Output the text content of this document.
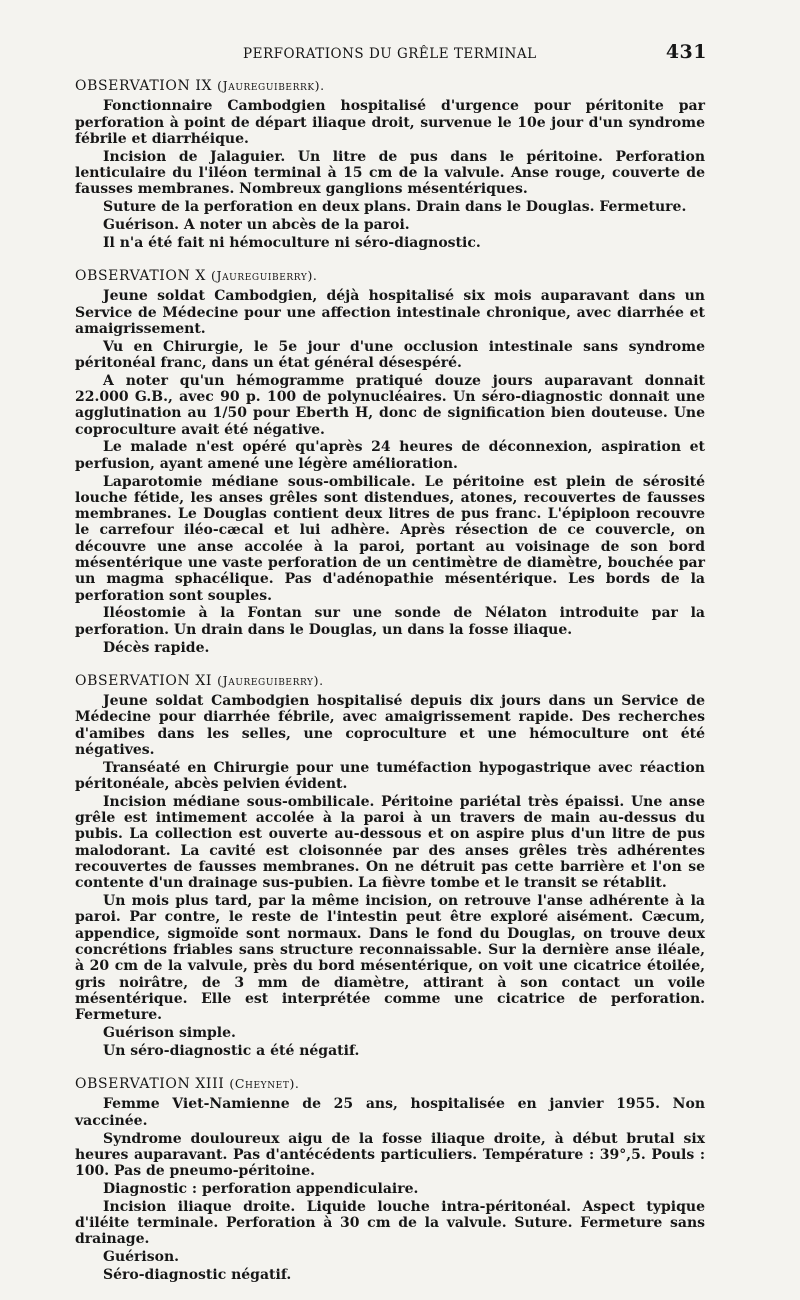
PERFORATIONS DU GRÊLE TERMINAL	431
OBSERVATION IX (Jaureguiberrk).

Fonctionnaire Cambodgien hospitalisé d'urgence pour péritonite par perforation à point de départ iliaque droit, survenue le 10e jour d'un syndrome fébrile et diarrhéique.

Incision de Jalaguier. Un litre de pus dans le péritoine. Perforation lenticulaire du l'iléon terminal à 15 cm de la valvule. Anse rouge, couverte de fausses membranes. Nombreux ganglions mésentériques.

Suture de la perforation en deux plans. Drain dans le Douglas. Fermeture.

Guérison. A noter un abcès de la paroi.

Il n'a été fait ni hémoculture ni séro-diagnostic.

OBSERVATION X (Jaureguiberry).

Jeune soldat Cambodgien, déjà hospitalisé six mois auparavant dans un Service de Médecine pour une affection intestinale chronique, avec diarrhée et amaigrissement.

Vu en Chirurgie, le 5e jour d'une occlusion intestinale sans syndrome péritonéal franc, dans un état général désespéré.

A noter qu'un hémogramme pratiqué douze jours auparavant donnait 22.000 G.B., avec 90 p. 100 de polynucléaires. Un séro-diagnostic donnait une agglutination au 1/50 pour Eberth H, donc de signification bien douteuse. Une coproculture avait été négative.

Le malade n'est opéré qu'après 24 heures de déconnexion, aspiration et perfusion, ayant amené une légère amélioration.

Laparotomie médiane sous-ombilicale. Le péritoine est plein de sérosité louche fétide, les anses grêles sont distendues, atones, recouvertes de fausses membranes. Le Douglas contient deux litres de pus franc. L'épiploon recouvre le carrefour iléo-cæcal et lui adhère. Après résection de ce couvercle, on découvre une anse accolée à la paroi, portant au voisinage de son bord mésentérique une vaste perforation de un centimètre de diamètre, bouchée par un magma sphacélique. Pas d'adénopathie mésentérique. Les bords de la perforation sont souples.

Iléostomie à la Fontan sur une sonde de Nélaton introduite par la perforation. Un drain dans le Douglas, un dans la fosse iliaque.

Décès rapide.

OBSERVATION XI (Jaureguiberry).

Jeune soldat Cambodgien hospitalisé depuis dix jours dans un Service de Médecine pour diarrhée fébrile, avec amaigrissement rapide. Des recherches d'amibes dans les selles, une coproculture et une hémoculture ont été négatives.

Transéaté en Chirurgie pour une tuméfaction hypogastrique avec réaction péritonéale, abcès pelvien évident.

Incision médiane sous-ombilicale. Péritoine pariétal très épaissi. Une anse grêle est intimement accolée à la paroi à un travers de main au-dessus du pubis. La collection est ouverte au-dessous et on aspire plus d'un litre de pus malodorant. La cavité est cloisonnée par des anses grêles très adhérentes recouvertes de fausses membranes. On ne détruit pas cette barrière et l'on se contente d'un drainage sus-pubien. La fièvre tombe et le transit se rétablit.

Un mois plus tard, par la même incision, on retrouve l'anse adhérente à la paroi. Par contre, le reste de l'intestin peut être exploré aisément. Cæcum, appendice, sigmoïde sont normaux. Dans le fond du Douglas, on trouve deux concrétions friables sans structure reconnaissable. Sur la dernière anse iléale, à 20 cm de la valvule, près du bord mésentérique, on voit une cicatrice étoilée, gris noirâtre, de 3 mm de diamètre, attirant à son contact un voile mésentérique. Elle est interprétée comme une cicatrice de perforation. Fermeture.

Guérison simple.

Un séro-diagnostic a été négatif.

OBSERVATION XIII (Cheynet).

Femme Viet-Namienne de 25 ans, hospitalisée en janvier 1955. Non vaccinée.

Syndrome douloureux aigu de la fosse iliaque droite, à début brutal six heures auparavant. Pas d'antécédents particuliers. Température : 39°,5. Pouls : 100. Pas de pneumo-péritoine.

Diagnostic : perforation appendiculaire.

Incision iliaque droite. Liquide louche intra-péritonéal. Aspect typique d'iléite terminale. Perforation à 30 cm de la valvule. Suture. Fermeture sans drainage.

Guérison.

Séro-diagnostic négatif.
